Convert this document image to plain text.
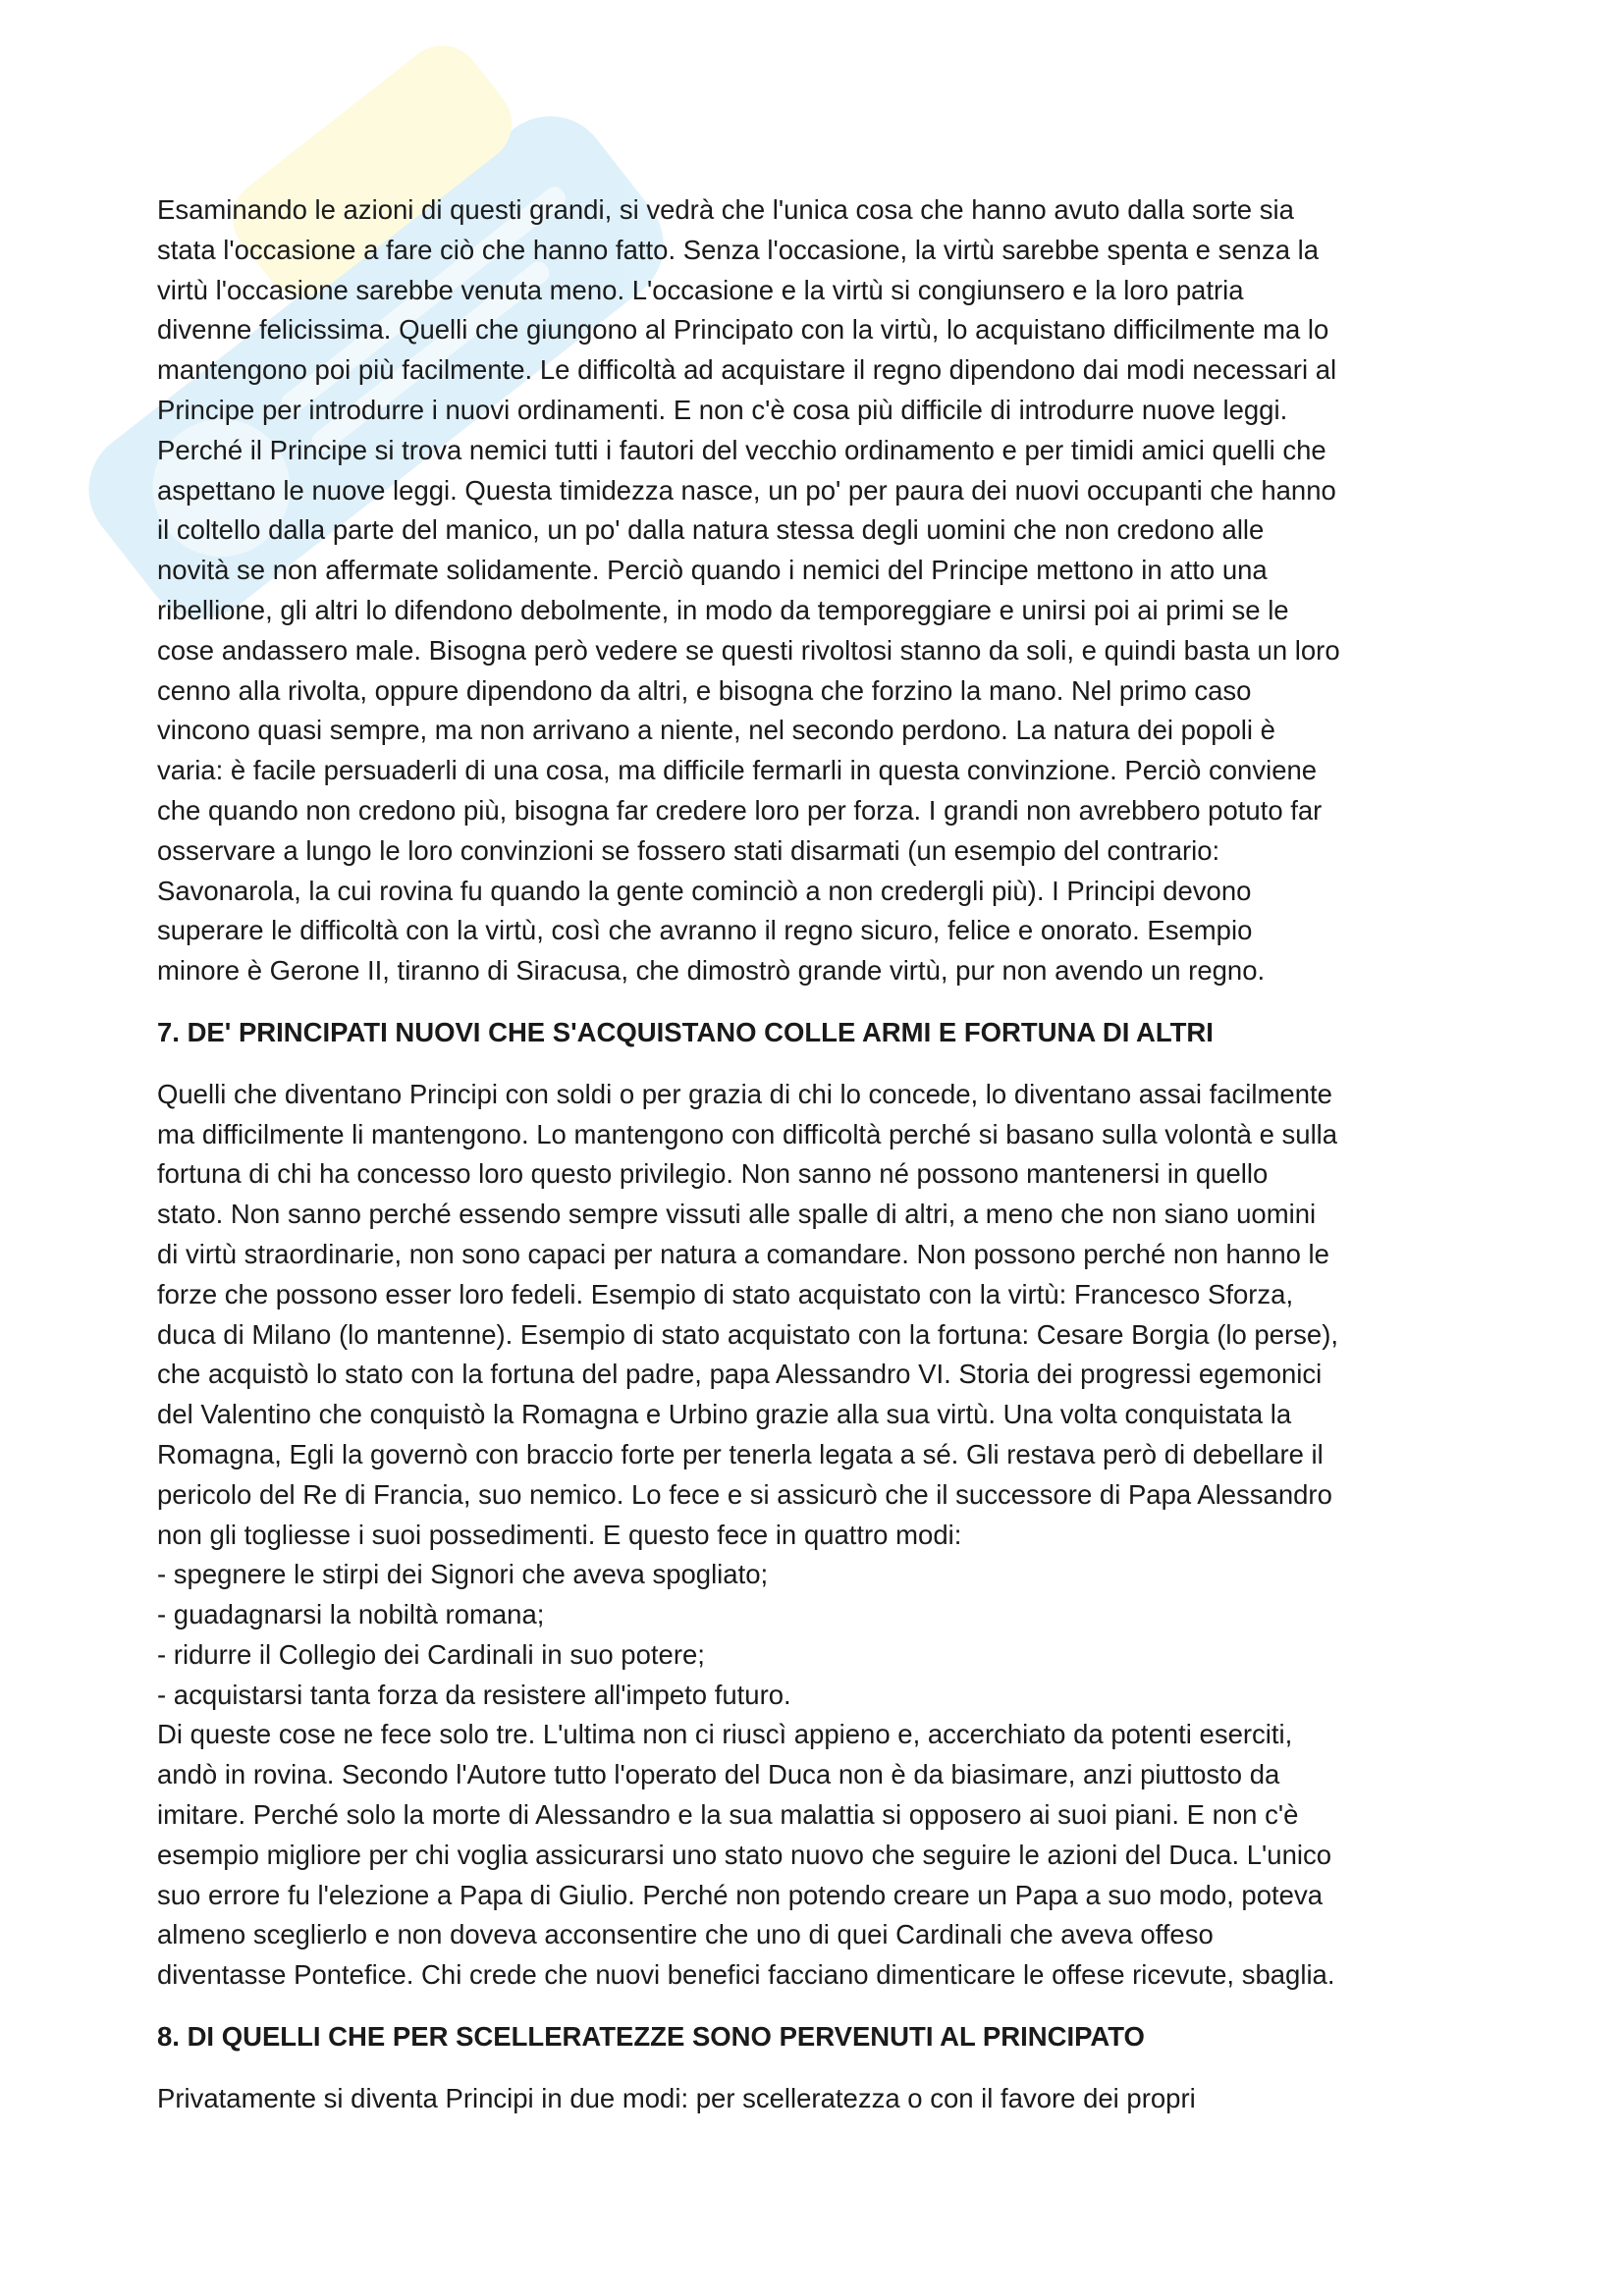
Esaminando le azioni di questi grandi, si vedrà che l'unica cosa che hanno avuto dalla sorte sia
stata l'occasione a fare ciò che hanno fatto. Senza l'occasione, la virtù sarebbe spenta e senza la
virtù l'occasione sarebbe venuta meno. L'occasione e la virtù si congiunsero e la loro patria
divenne felicissima. Quelli che giungono al Principato con la virtù, lo acquistano difficilmente ma lo
mantengono poi più facilmente. Le difficoltà ad acquistare il regno dipendono dai modi necessari al
Principe per introdurre i nuovi ordinamenti. E non c'è cosa più difficile di introdurre nuove leggi.
Perché il Principe si trova nemici tutti i fautori del vecchio ordinamento e per timidi amici quelli che
aspettano le nuove leggi. Questa timidezza nasce, un po' per paura dei nuovi occupanti che hanno
il coltello dalla parte del manico, un po' dalla natura stessa degli uomini che non credono alle
novità se non affermate solidamente. Perciò quando i nemici del Principe mettono in atto una
ribellione, gli altri lo difendono debolmente, in modo da temporeggiare e unirsi poi ai primi se le
cose andassero male. Bisogna però vedere se questi rivoltosi stanno da soli, e quindi basta un loro
cenno alla rivolta, oppure dipendono da altri, e bisogna che forzino la mano. Nel primo caso
vincono quasi sempre, ma non arrivano a niente, nel secondo perdono. La natura dei popoli è
varia: è facile persuaderli di una cosa, ma difficile fermarli in questa convinzione. Perciò conviene
che quando non credono più, bisogna far credere loro per forza. I grandi non avrebbero potuto far
osservare a lungo le loro convinzioni se fossero stati disarmati (un esempio del contrario:
Savonarola, la cui rovina fu quando la gente cominciò a non credergli più). I Principi devono
superare le difficoltà con la virtù, così che avranno il regno sicuro, felice e onorato. Esempio
minore è Gerone II, tiranno di Siracusa, che dimostrò grande virtù, pur non avendo un regno.
7. DE' PRINCIPATI NUOVI CHE S'ACQUISTANO COLLE ARMI E FORTUNA DI ALTRI
Quelli che diventano Principi con soldi o per grazia di chi lo concede, lo diventano assai facilmente
ma difficilmente li mantengono. Lo mantengono con difficoltà perché si basano sulla volontà e sulla
fortuna di chi ha concesso loro questo privilegio. Non sanno né possono mantenersi in quello
stato. Non sanno perché essendo sempre vissuti alle spalle di altri, a meno che non siano uomini
di virtù straordinarie, non sono capaci per natura a comandare. Non possono perché non hanno le
forze che possono esser loro fedeli. Esempio di stato acquistato con la virtù: Francesco Sforza,
duca di Milano (lo mantenne). Esempio di stato acquistato con la fortuna: Cesare Borgia (lo perse),
che acquistò lo stato con la fortuna del padre, papa Alessandro VI. Storia dei progressi egemonici
del Valentino che conquistò la Romagna e Urbino grazie alla sua virtù. Una volta conquistata la
Romagna, Egli la governò con braccio forte per tenerla legata a sé. Gli restava però di debellare il
pericolo del Re di Francia, suo nemico. Lo fece e si assicurò che il successore di Papa Alessandro
non gli togliesse i suoi possedimenti. E questo fece in quattro modi:
- spegnere le stirpi dei Signori che aveva spogliato;
- guadagnarsi la nobiltà romana;
- ridurre il Collegio dei Cardinali in suo potere;
- acquistarsi tanta forza da resistere all'impeto futuro.
Di queste cose ne fece solo tre. L'ultima non ci riuscì appieno e, accerchiato da potenti eserciti,
andò in rovina. Secondo l'Autore tutto l'operato del Duca non è da biasimare, anzi piuttosto da
imitare. Perché solo la morte di Alessandro e la sua malattia si opposero ai suoi piani. E non c'è
esempio migliore per chi voglia assicurarsi uno stato nuovo che seguire le azioni del Duca. L'unico
suo errore fu l'elezione a Papa di Giulio. Perché non potendo creare un Papa a suo modo, poteva
almeno sceglierlo e non doveva acconsentire che uno di quei Cardinali che aveva offeso
diventasse Pontefice. Chi crede che nuovi benefici facciano dimenticare le offese ricevute, sbaglia.
8. DI QUELLI CHE PER SCELLERATEZZE SONO PERVENUTI AL PRINCIPATO
Privatamente si diventa Principi in due modi: per scelleratezza o con il favore dei propri
